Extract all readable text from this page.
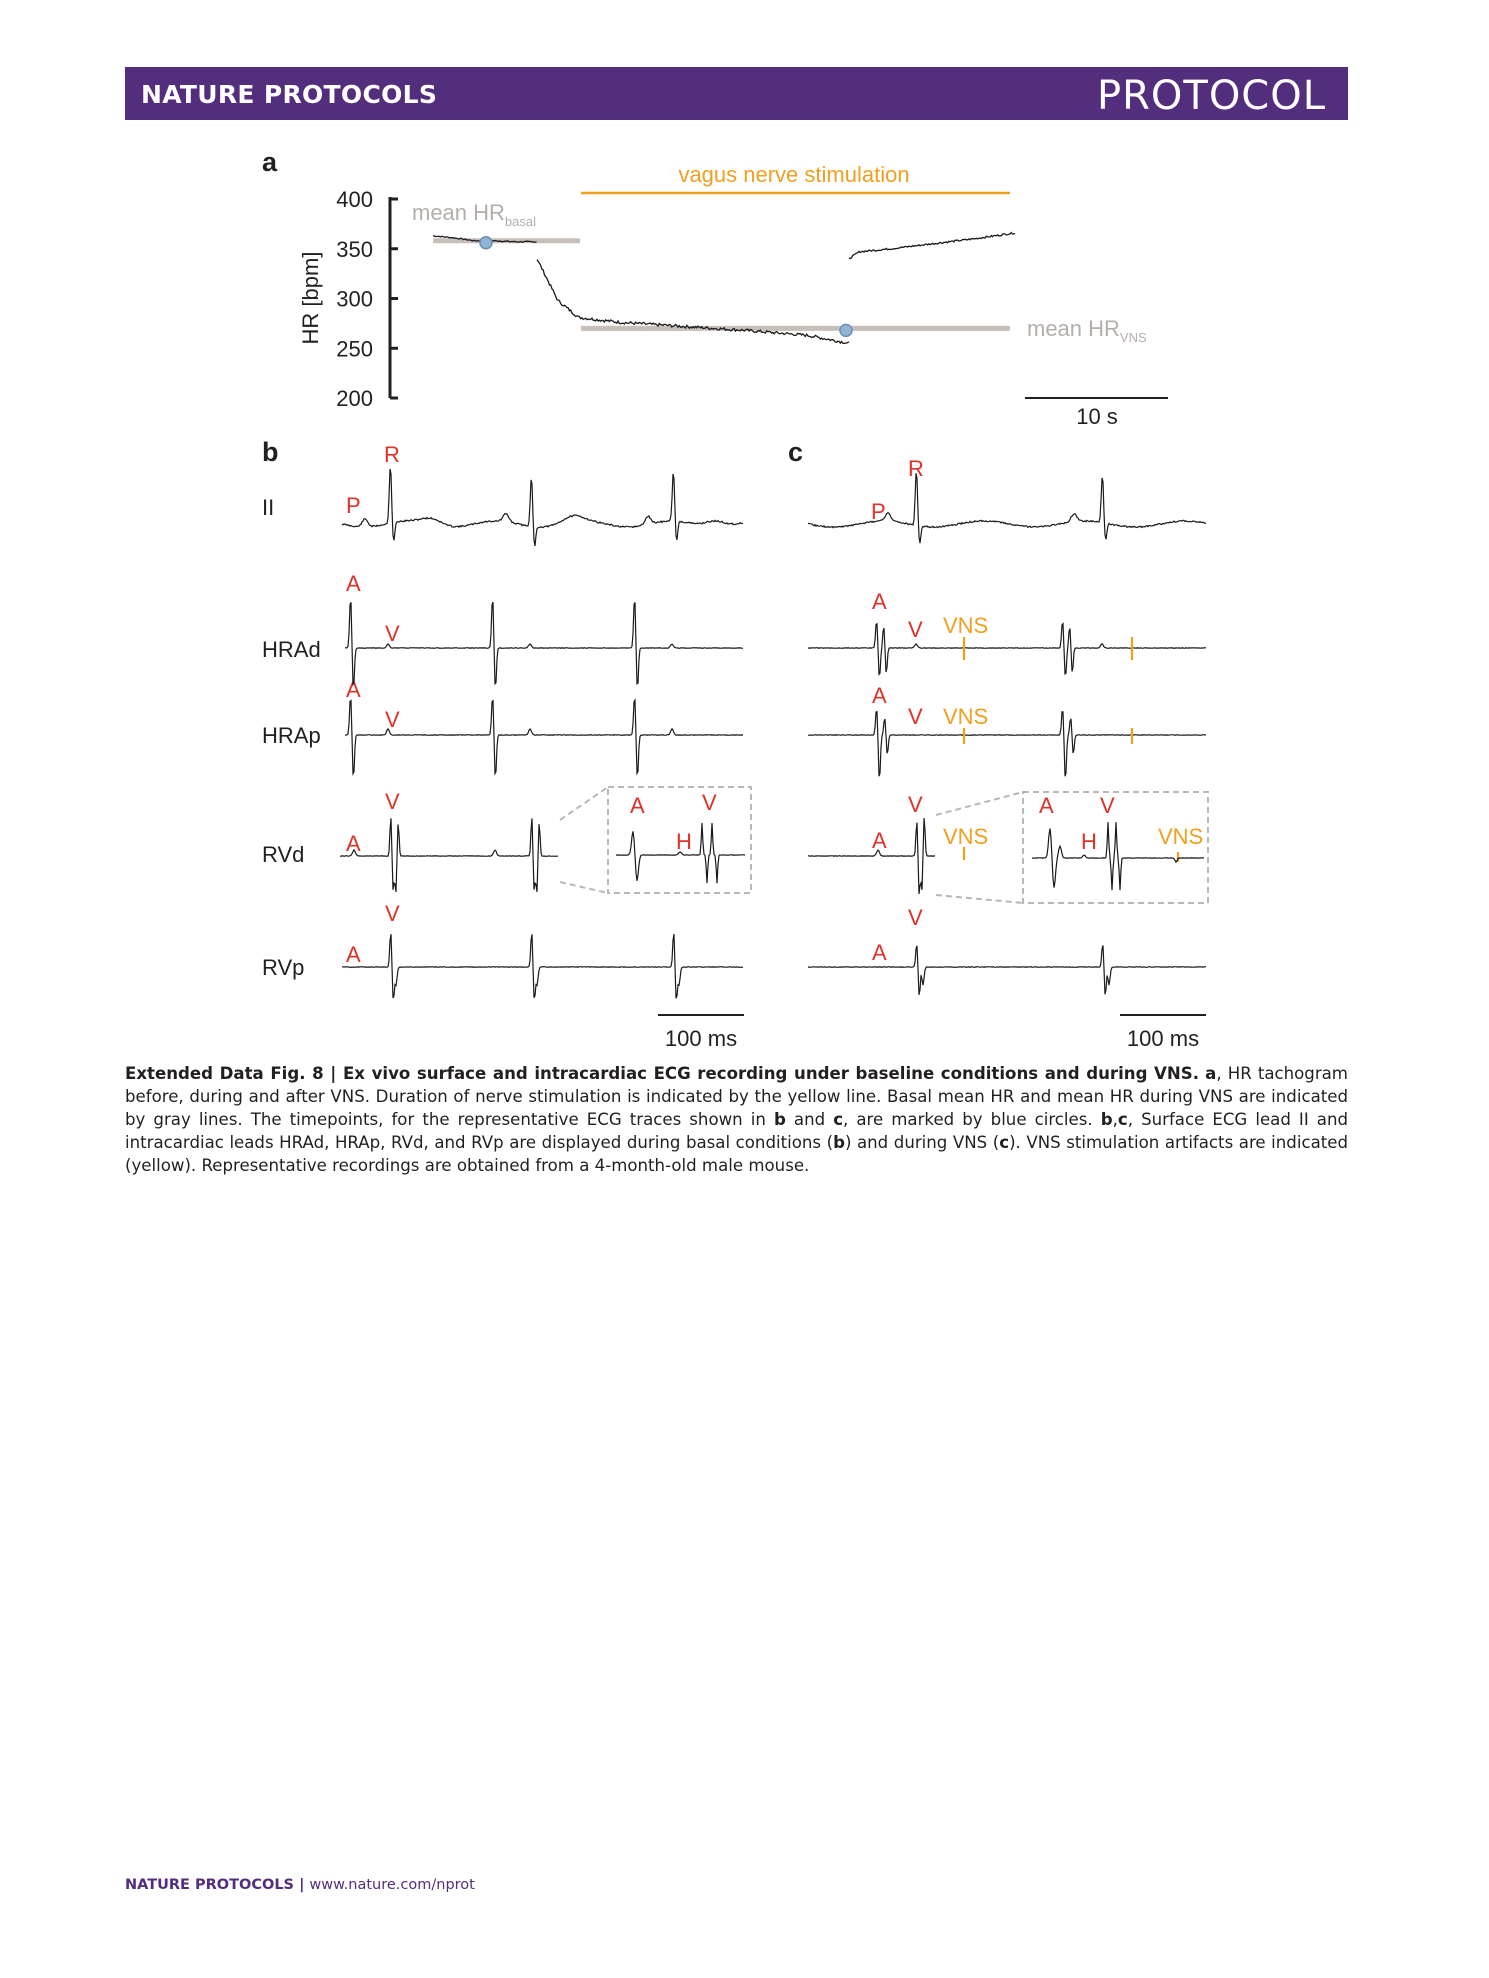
NATURE PROTOCOLS	PROTOCOL
a	vagus nerve stimulation
400
350
300
250
200
HR [bpm]
mean $HR_{basal}$
mean $HR_{VNS}$
10 s
b
II
HRAd
HRAp
RVd
RVp
R
P
A
V
A
V
V
A
V
A
A	V
H
100 ms
c
R
P
A
V
A
V
V
A
V
A
A V
H
VNS
VNS
VNS	VNS
100 ms
Extended Data Fig. 8 | Ex vivo surface and intracardiac ECG recording under baseline conditions and during VNS. a, HR tachogram before, during and after VNS. Duration of nerve stimulation is indicated by the yellow line. Basal mean HR and mean HR during VNS are indicated by gray lines. The timepoints, for the representative ECG traces shown in b and c, are marked by blue circles. b,c, Surface ECG lead II and intracardiac leads HRAd, HRAp, RVd, and RVp are displayed during basal conditions (b) and during VNS (c). VNS stimulation artifacts are indicated (yellow). Representative recordings are obtained from a 4-month-old male mouse.
NATURE PROTOCOLS | www.nature.com/nprot
